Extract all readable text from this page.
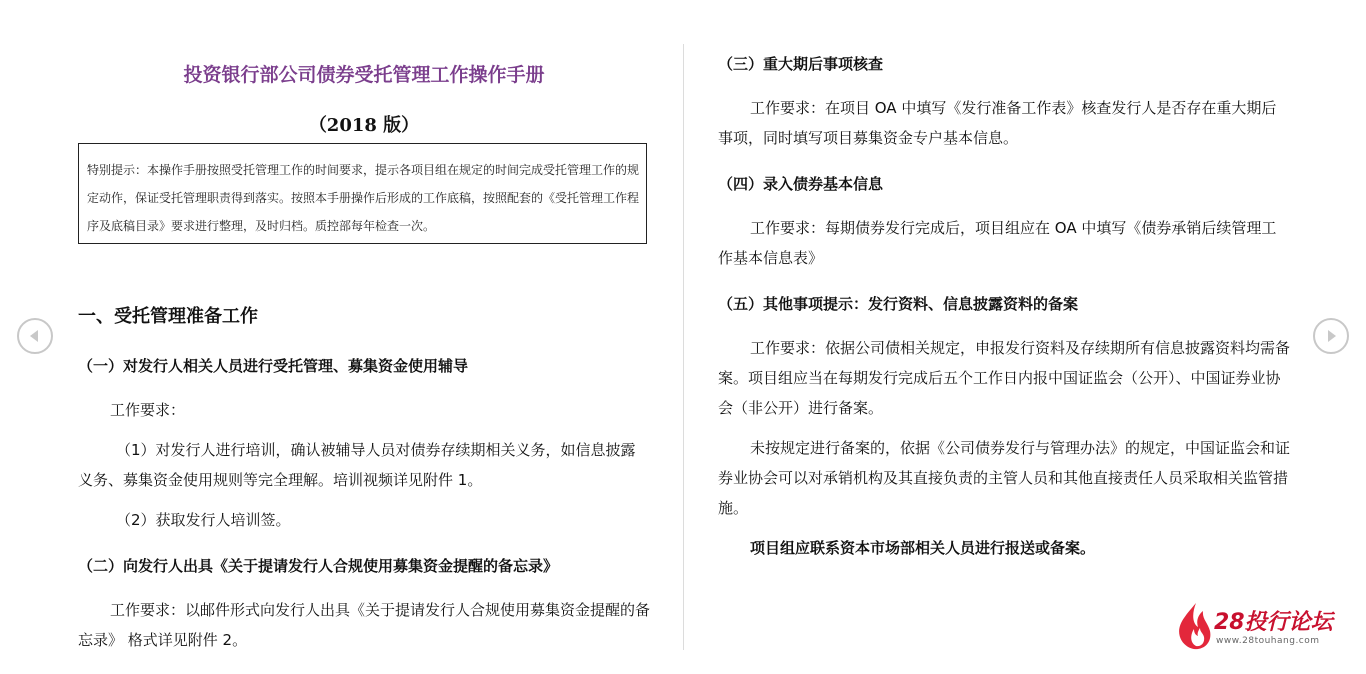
投资银行部公司债券受托管理工作操作手册
（2018 版）
特别提示：本操作手册按照受托管理工作的时间要求，提示各项目组在规定的时间完成受托管理工作的规定动作，保证受托管理职责得到落实。按照本手册操作后形成的工作底稿，按照配套的《受托管理工作程序及底稿目录》要求进行整理，及时归档。质控部每年检查一次。
一、受托管理准备工作
（一）对发行人相关人员进行受托管理、募集资金使用辅导

工作要求：

（1）对发行人进行培训，确认被辅导人员对债券存续期相关义务，如信息披露义务、募集资金使用规则等完全理解。培训视频详见附件 1。

（2）获取发行人培训签。

（二）向发行人出具《关于提请发行人合规使用募集资金提醒的备忘录》

工作要求：以邮件形式向发行人出具《关于提请发行人合规使用募集资金提醒的备忘录》 格式详见附件 2。

（三）重大期后事项核查

工作要求：在项目 OA 中填写《发行准备工作表》核查发行人是否存在重大期后事项，同时填写项目募集资金专户基本信息。

（四）录入债券基本信息

工作要求：每期债券发行完成后，项目组应在 OA 中填写《债券承销后续管理工作基本信息表》

（五）其他事项提示：发行资料、信息披露资料的备案

工作要求：依据公司债相关规定，申报发行资料及存续期所有信息披露资料均需备案。项目组应当在每期发行完成后五个工作日内报中国证监会（公开）、中国证券业协会（非公开）进行备案。

未按规定进行备案的，依据《公司债券发行与管理办法》的规定，中国证监会和证券业协会可以对承销机构及其直接负责的主管人员和其他直接责任人员采取相关监管措施。

项目组应联系资本市场部相关人员进行报送或备案。

28投行论坛
www.28touhang.com
